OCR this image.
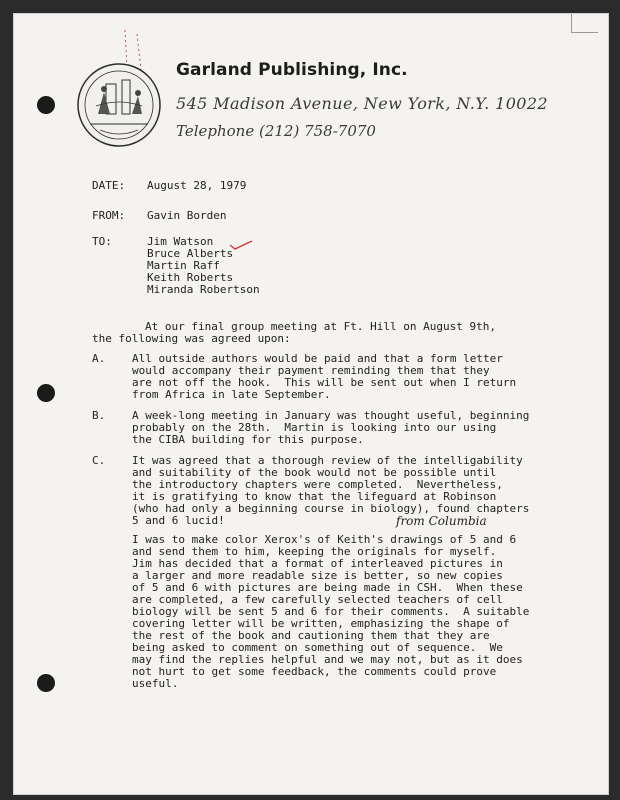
Garland Publishing, Inc.
545 Madison Avenue, New York, N.Y. 10022
Telephone (212) 758-7070
DATE: August 28, 1979
FROM: Gavin Borden
TO:	Jim Watson
Bruce Alberts
Martin Raff
Keith Roberts
Miranda Robertson
At our final group meeting at Ft. Hill on August 9th,
the following was agreed upon:
A. All outside authors would be paid and that a form letter
would accompany their payment reminding them that they
are not off the hook.  This will be sent out when I return
from Africa in late September.
B. A week-long meeting in January was thought useful, beginning
probably on the 28th.  Martin is looking into our using
the CIBA building for this purpose.
C. It was agreed that a thorough review of the intelligability
and suitability of the book would not be possible until
the introductory chapters were completed.  Nevertheless,
it is gratifying to know that the lifeguard at Robinson
(who had only a beginning course in biology), found chapters
5 and 6 lucid!	from Columbia
I was to make color Xerox's of Keith's drawings of 5 and 6
and send them to him, keeping the originals for myself.
Jim has decided that a format of interleaved pictures in
a larger and more readable size is better, so new copies
of 5 and 6 with pictures are being made in CSH.  When these
are completed, a few carefully selected teachers of cell
biology will be sent 5 and 6 for their comments.  A suitable
covering letter will be written, emphasizing the shape of
the rest of the book and cautioning them that they are
being asked to comment on something out of sequence.  We
may find the replies helpful and we may not, but as it does
not hurt to get some feedback, the comments could prove
useful.
